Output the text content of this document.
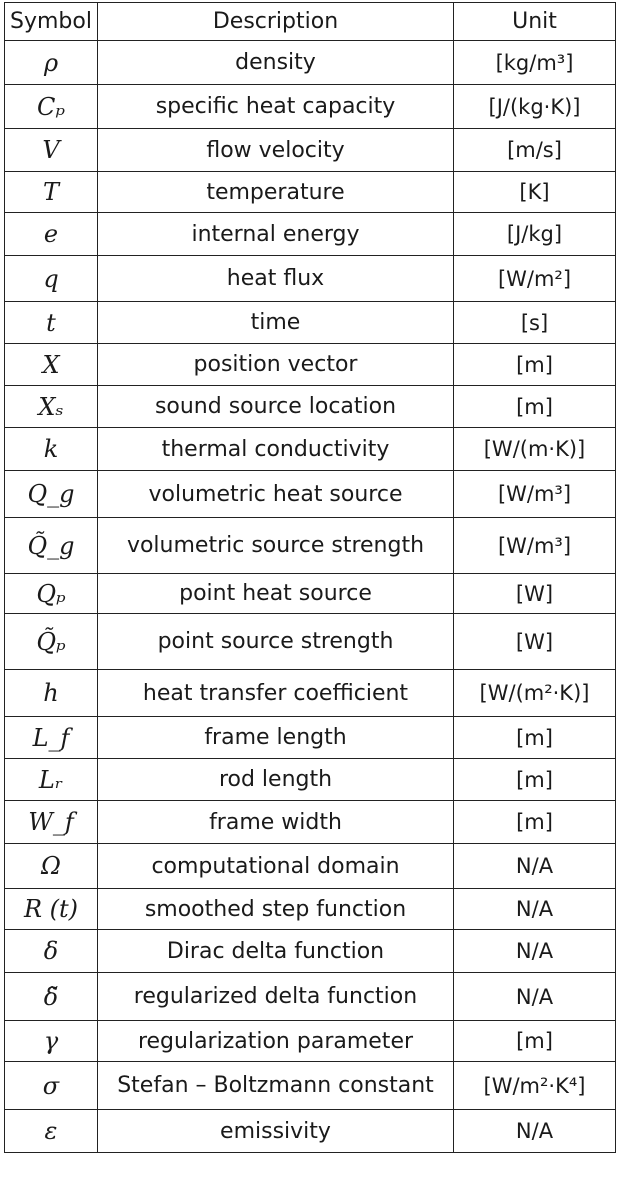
Symbol	Description	Unit
ρ	density	[kg/m³]
Cₚ	specific heat capacity	[J/(kg·K)]
V	flow velocity	[m/s]
T	temperature	[K]
e	internal energy	[J/kg]
q	heat flux	[W/m²]
t	time	[s]
X	position vector	[m]
Xₛ	sound source location	[m]
k	thermal conductivity	[W/(m·K)]
Q_g	volumetric heat source	[W/m³]
Q̃_g	volumetric source strength	[W/m³]
Qₚ	point heat source	[W]
Q̃ₚ	point source strength	[W]
h	heat transfer coefficient	[W/(m²·K)]
L_f	frame length	[m]
Lᵣ	rod length	[m]
W_f	frame width	[m]
Ω	computational domain	N/A
R (t)	smoothed step function	N/A
δ	Dirac delta function	N/A
δ̃	regularized delta function	N/A
γ	regularization parameter	[m]
σ	Stefan – Boltzmann constant	[W/m²·K⁴]
ε	emissivity	N/A
